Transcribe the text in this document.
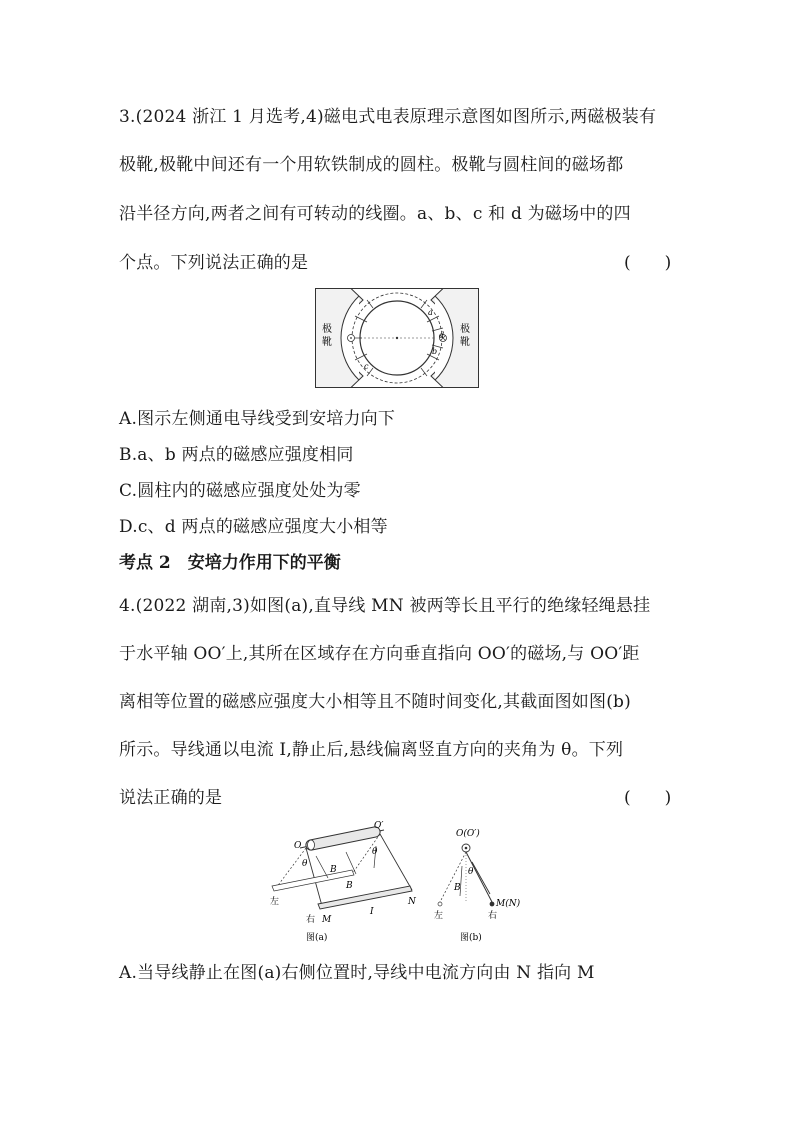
3.(2024 浙江 1 月选考,4)磁电式电表原理示意图如图所示,两磁极装有
极靴,极靴中间还有一个用软铁制成的圆柱。极靴与圆柱间的磁场都
沿半径方向,两者之间有可转动的线圈。a、b、c 和 d 为磁场中的四
个点。下列说法正确的是	(　　)
极
靴
极
靴
a
b
c
d
A.图示左侧通电导线受到安培力向下
B.a、b 两点的磁感应强度相同
C.圆柱内的磁感应强度处处为零
D.c、d 两点的磁感应强度大小相等
考点 2　安培力作用下的平衡
4.(2022 湖南,3)如图(a),直导线 MN 被两等长且平行的绝缘轻绳悬挂
于水平轴 OO′上,其所在区域存在方向垂直指向 OO′的磁场,与 OO′距
离相等位置的磁感应强度大小相等且不随时间变化,其截面图如图(b)
所示。导线通以电流 I,静止后,悬线偏离竖直方向的夹角为 θ。下列
说法正确的是	(　　)
O
O′
θ
θ
B
B
左
右 M
I
N
图(a)
O(O′)
θ
B
左	右
M(N)
图(b)
A.当导线静止在图(a)右侧位置时,导线中电流方向由 N 指向 M
